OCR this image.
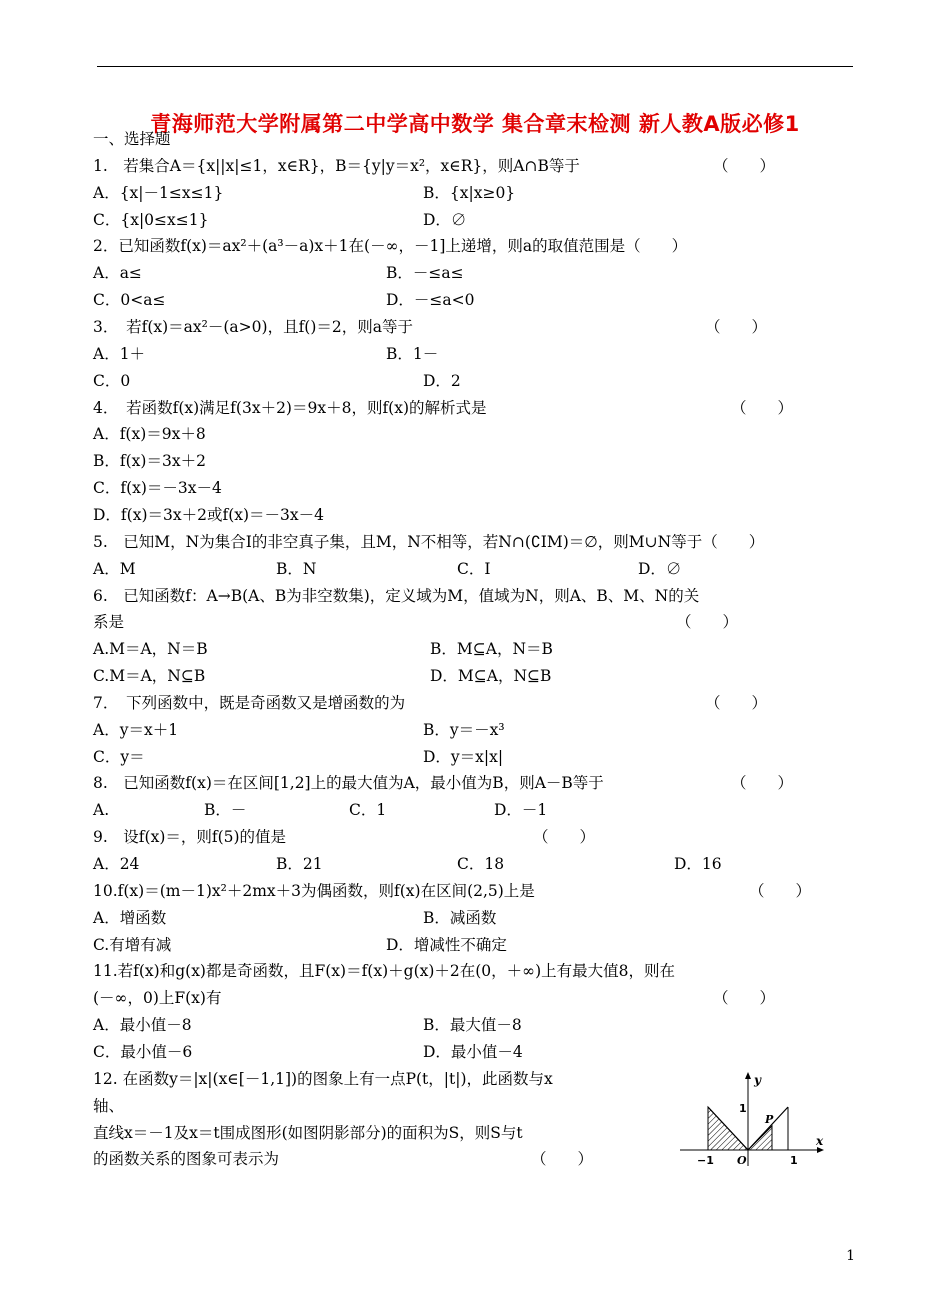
青海师范大学附属第二中学高中数学 集合章末检测 新人教A版必修1
一、选择题
1.　若集合A＝{x||x|≤1，x∈R}，B＝{y|y＝x²，x∈R}，则A∩B等于	（　　）
A．{x|－1≤x≤1}	B．{x|x≥0}
C．{x|0≤x≤1}	D．∅
2．已知函数f(x)＝ax²＋(a³－a)x＋1在(－∞，－1]上递增，则a的取值范围是（　　）
A．a≤	B．－≤a≤
C．0<a≤	D．－≤a<0
3．　若f(x)＝ax²－(a>0)，且f()＝2，则a等于	（　　）
A．1＋	B．1－
C．0	D．2
4．　若函数f(x)满足f(3x＋2)＝9x＋8，则f(x)的解析式是	（　　）
A．f(x)＝9x＋8
B．f(x)＝3x＋2
C．f(x)＝－3x－4
D．f(x)＝3x＋2或f(x)＝－3x－4
5.　已知M，N为集合I的非空真子集，且M，N不相等，若N∩(∁IM)＝∅，则M∪N等于（　　）
A．M	B．N	C．I	D．∅
6.　已知函数f：A→B(A、B为非空数集)，定义域为M，值域为N，则A、B、M、N的关
系是	（　　）
A.M＝A，N＝B	B．M⊆A，N＝B
C.M＝A，N⊆B	D．M⊆A，N⊆B
7．　下列函数中，既是奇函数又是增函数的为	（　　）
A．y＝x＋1	B．y＝－x³
C．y＝	D．y＝x|x|
8.　已知函数f(x)＝在区间[1,2]上的最大值为A，最小值为B，则A－B等于	（　　）
A.	B．－	C．1	D．－1
9.　设f(x)＝，则f(5)的值是	（　　）
A．24	B．21	C．18	D．16
10.f(x)＝(m－1)x²＋2mx＋3为偶函数，则f(x)在区间(2,5)上是	（　　）
A．增函数	B．减函数
C.有增有减	D．增减性不确定
11.若f(x)和g(x)都是奇函数，且F(x)＝f(x)＋g(x)＋2在(0，＋∞)上有最大值8，则在
(－∞，0)上F(x)有	（　　）
A．最小值－8	B．最大值－8
C．最小值－6	D．最小值－4
12. 在函数y＝|x|(x∈[－1,1])的图象上有一点P(t，|t|)，此函数与x
轴、
直线x＝－1及x＝t围成图形(如图阴影部分)的面积为S，则S与t
的函数关系的图象可表示为	（　　）
y
x
1
P
−1 O	1
1
